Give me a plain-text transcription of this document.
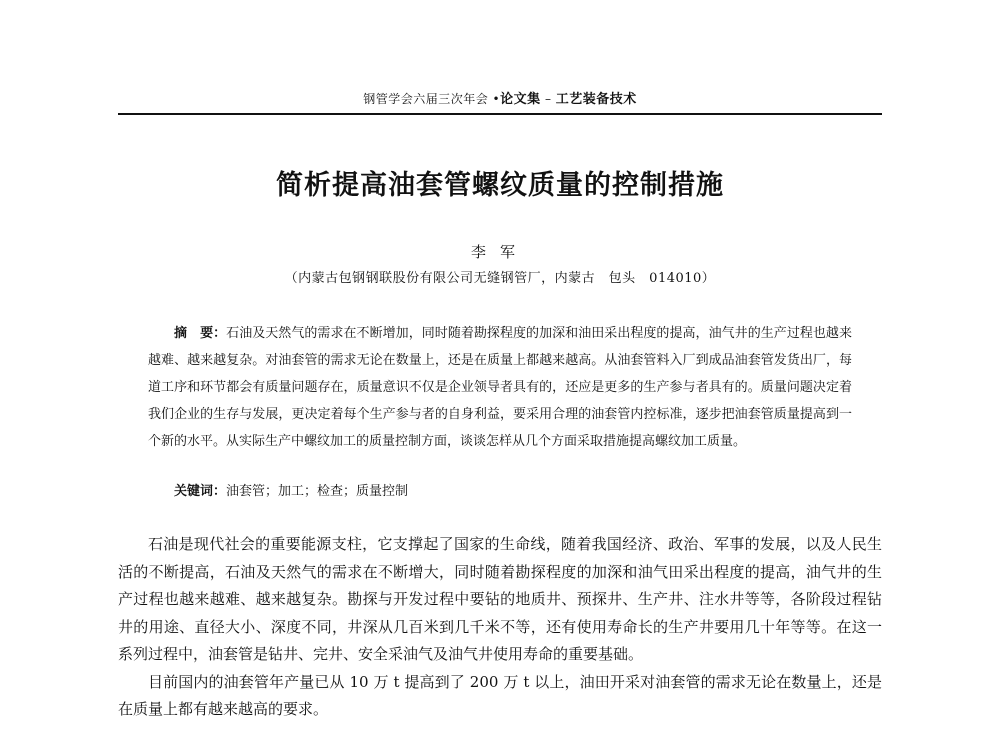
钢管学会六届三次年会 •论文集 – 工艺装备技术
简析提高油套管螺纹质量的控制措施
李军
（内蒙古包钢钢联股份有限公司无缝钢管厂，内蒙古　包头　014010）

摘　要：石油及天然气的需求在不断增加，同时随着勘探程度的加深和油田采出程度的提高，油气井的生产过程也越来越难、越来越复杂。对油套管的需求无论在数量上，还是在质量上都越来越高。从油套管料入厂到成品油套管发货出厂，每道工序和环节都会有质量问题存在，质量意识不仅是企业领导者具有的，还应是更多的生产参与者具有的。质量问题决定着我们企业的生存与发展，更决定着每个生产参与者的自身利益，要采用合理的油套管内控标准，逐步把油套管质量提高到一个新的水平。从实际生产中螺纹加工的质量控制方面，谈谈怎样从几个方面采取措施提高螺纹加工质量。

关键词：油套管；加工；检查；质量控制

石油是现代社会的重要能源支柱，它支撑起了国家的生命线，随着我国经济、政治、军事的发展，以及人民生活的不断提高，石油及天然气的需求在不断增大，同时随着勘探程度的加深和油气田采出程度的提高，油气井的生产过程也越来越难、越来越复杂。勘探与开发过程中要钻的地质井、预探井、生产井、注水井等等，各阶段过程钻井的用途、直径大小、深度不同，井深从几百米到几千米不等，还有使用寿命长的生产井要用几十年等等。在这一系列过程中，油套管是钻井、完井、安全采油气及油气井使用寿命的重要基础。

目前国内的油套管年产量已从 10 万 t 提高到了 200 万 t 以上，油田开采对油套管的需求无论在数量上，还是在质量上都有越来越高的要求。
